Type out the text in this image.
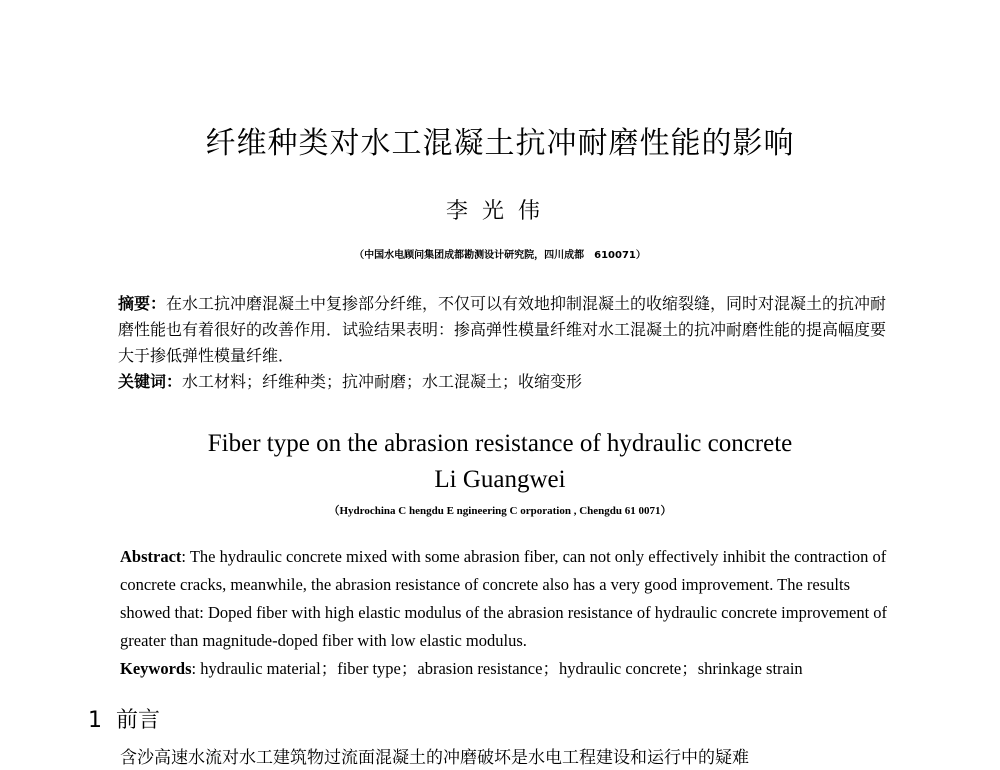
纤维种类对水工混凝土抗冲耐磨性能的影响
李光伟
（中国水电顾问集团成都勘测设计研究院，四川成都　610071）
摘要：在水工抗冲磨混凝土中复掺部分纤维，不仅可以有效地抑制混凝土的收缩裂缝，同时对混凝土的抗冲耐磨性能也有着很好的改善作用．试验结果表明：掺高弹性模量纤维对水工混凝土的抗冲耐磨性能的提高幅度要大于掺低弹性模量纤维．
关键词：水工材料；纤维种类；抗冲耐磨；水工混凝土；收缩变形
Fiber type on the abrasion resistance of hydraulic concrete
Li Guangwei
（Hydrochina C hengdu E ngineering C orporation , Chengdu 61 0071）
Abstract: The hydraulic concrete mixed with some abrasion fiber, can not only effectively inhibit the contraction of concrete cracks, meanwhile, the abrasion resistance of concrete also has a very good improvement. The results showed that: Doped fiber with high elastic modulus of the abrasion resistance of hydraulic concrete improvement of greater than magnitude-doped fiber with low elastic modulus.
Keywords: hydraulic material；fiber type；abrasion resistance；hydraulic concrete；shrinkage strain
1 前言
含沙高速水流对水工建筑物过流面混凝土的冲磨破坏是水电工程建设和运行中的疑难
